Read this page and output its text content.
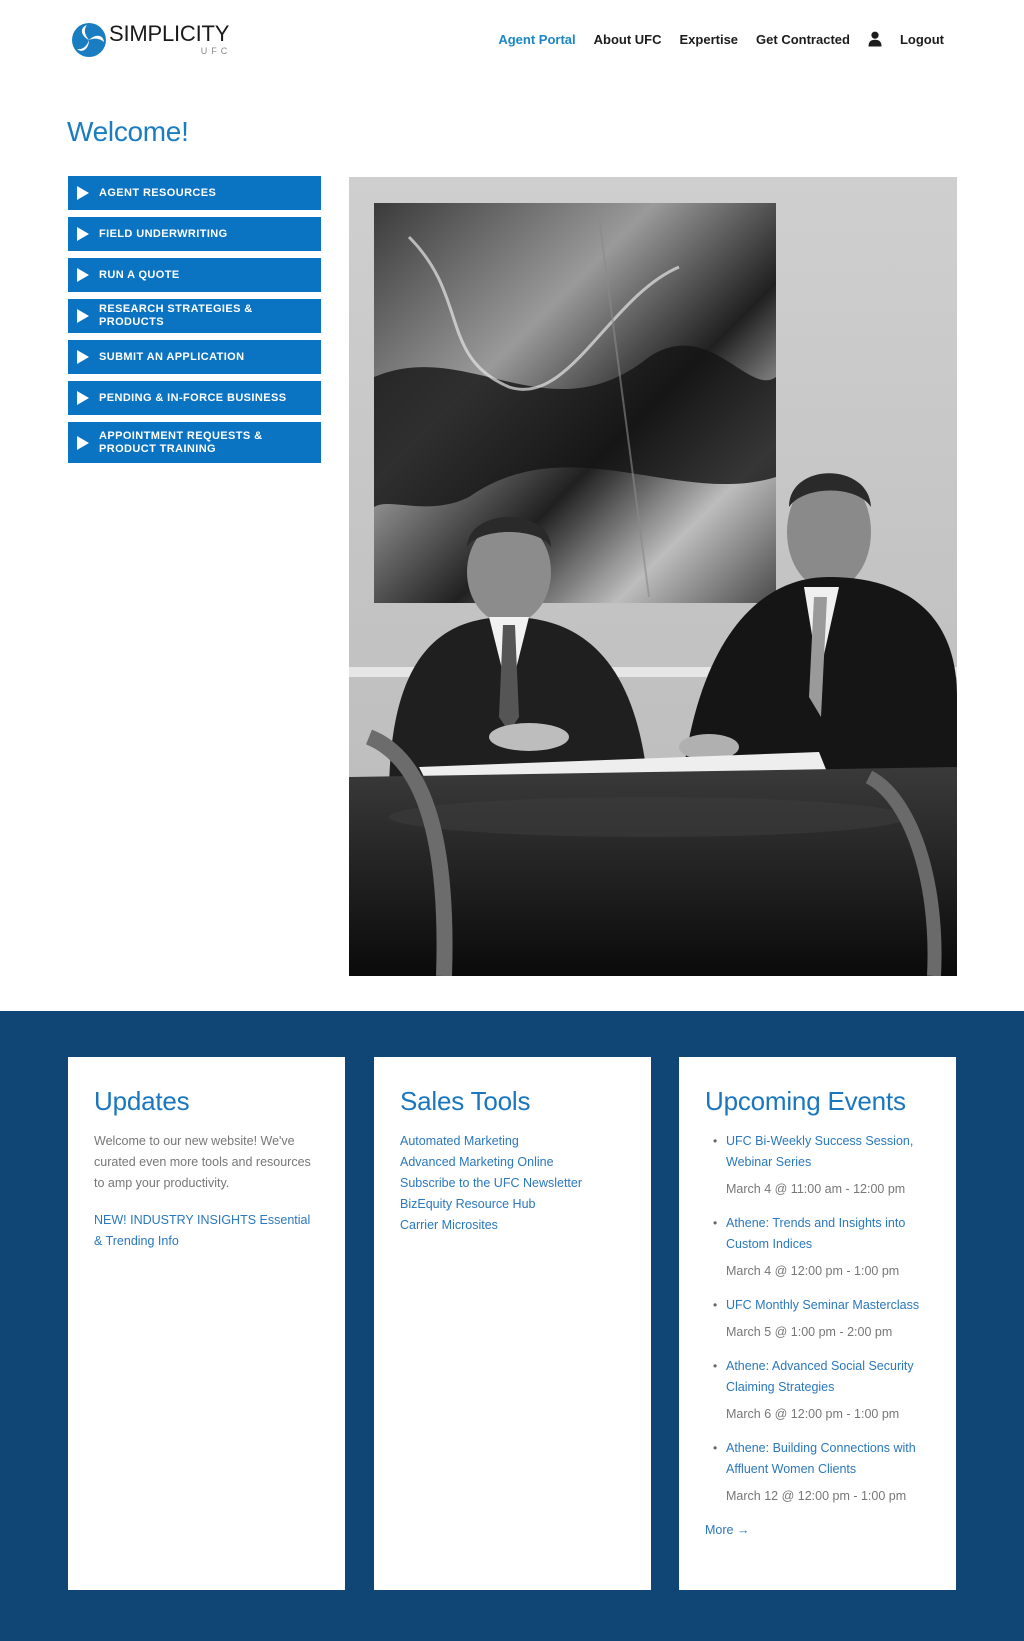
SIMPLICITY
UFC
Agent Portal About UFC Expertise Get Contracted	Logout
Welcome!
AGENT RESOURCES
FIELD UNDERWRITING
RUN A QUOTE
RESEARCH STRATEGIES & PRODUCTS
SUBMIT AN APPLICATION
PENDING & IN-FORCE BUSINESS
APPOINTMENT REQUESTS & PRODUCT TRAINING
Updates

Welcome to our new website! We've curated even more tools and resources to amp your productivity.

NEW! INDUSTRY INSIGHTS Essential & Trending Info
Sales Tools
Automated Marketing
Advanced Marketing Online
Subscribe to the UFC Newsletter
BizEquity Resource Hub
Carrier Microsites
Upcoming Events
• UFC Bi-Weekly Success Session, Webinar Series
March 4 @ 11:00 am - 12:00 pm
• Athene: Trends and Insights into Custom Indices
March 4 @ 12:00 pm - 1:00 pm
• UFC Monthly Seminar Masterclass
March 5 @ 1:00 pm - 2:00 pm
• Athene: Advanced Social Security Claiming Strategies
March 6 @ 12:00 pm - 1:00 pm
• Athene: Building Connections with Affluent Women Clients
March 12 @ 12:00 pm - 1:00 pm
More →
